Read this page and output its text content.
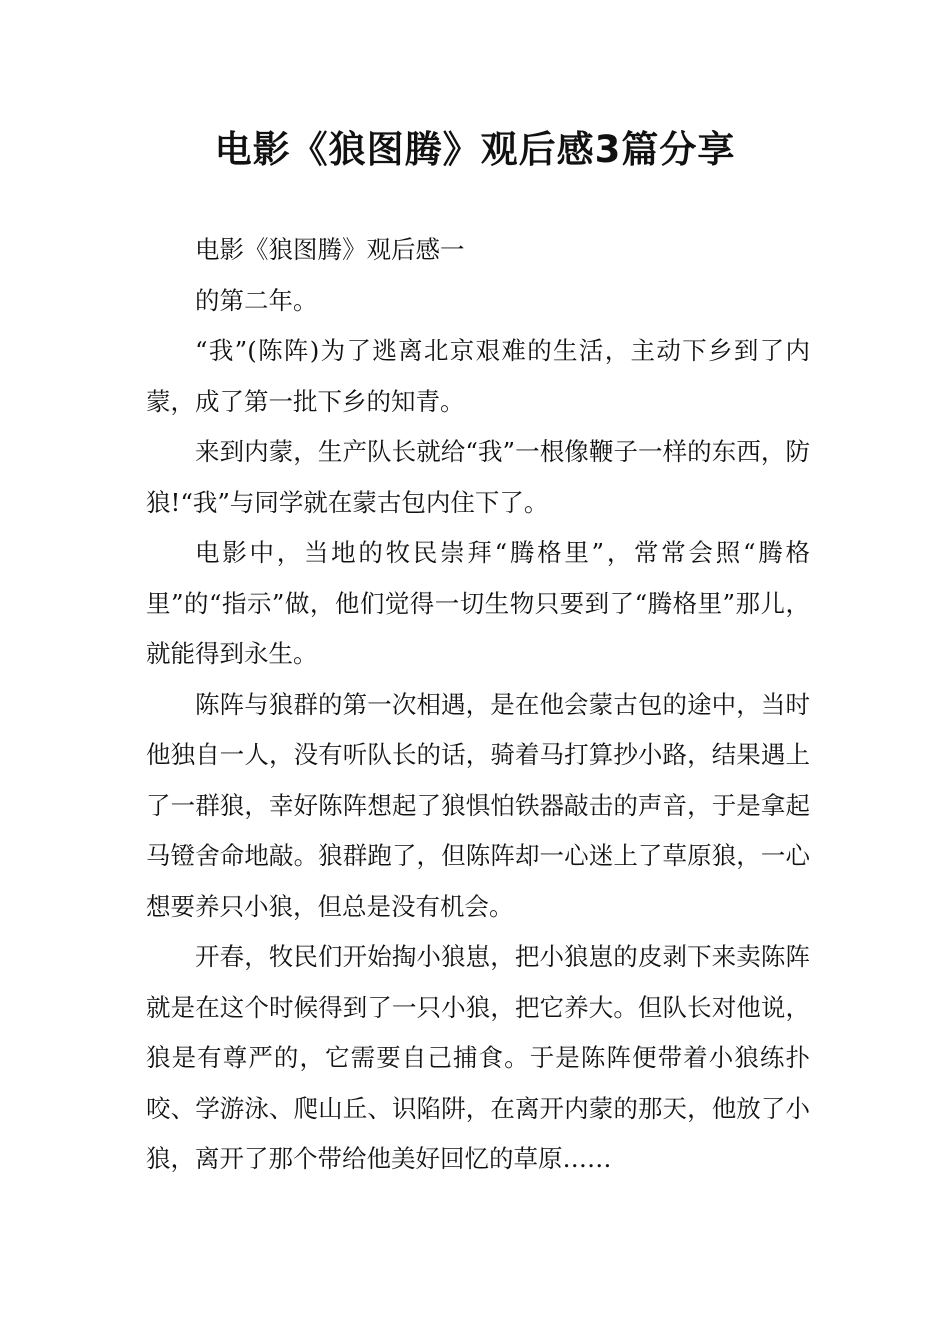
电影《狼图腾》观后感3篇分享

电影《狼图腾》观后感一

的第二年。

“我”(陈阵)为了逃离北京艰难的生活，主动下乡到了内蒙，成了第一批下乡的知青。

来到内蒙，生产队长就给“我”一根像鞭子一样的东西，防狼!“我”与同学就在蒙古包内住下了。

电影中，当地的牧民崇拜“腾格里”，常常会照“腾格里”的“指示”做，他们觉得一切生物只要到了“腾格里”那儿，就能得到永生。

陈阵与狼群的第一次相遇，是在他会蒙古包的途中，当时他独自一人，没有听队长的话，骑着马打算抄小路，结果遇上了一群狼，幸好陈阵想起了狼惧怕铁器敲击的声音，于是拿起马镫舍命地敲。狼群跑了，但陈阵却一心迷上了草原狼，一心想要养只小狼，但总是没有机会。

开春，牧民们开始掏小狼崽，把小狼崽的皮剥下来卖陈阵就是在这个时候得到了一只小狼，把它养大。但队长对他说，狼是有尊严的，它需要自己捕食。于是陈阵便带着小狼练扑咬、学游泳、爬山丘、识陷阱，在离开内蒙的那天，他放了小狼，离开了那个带给他美好回忆的草原……
